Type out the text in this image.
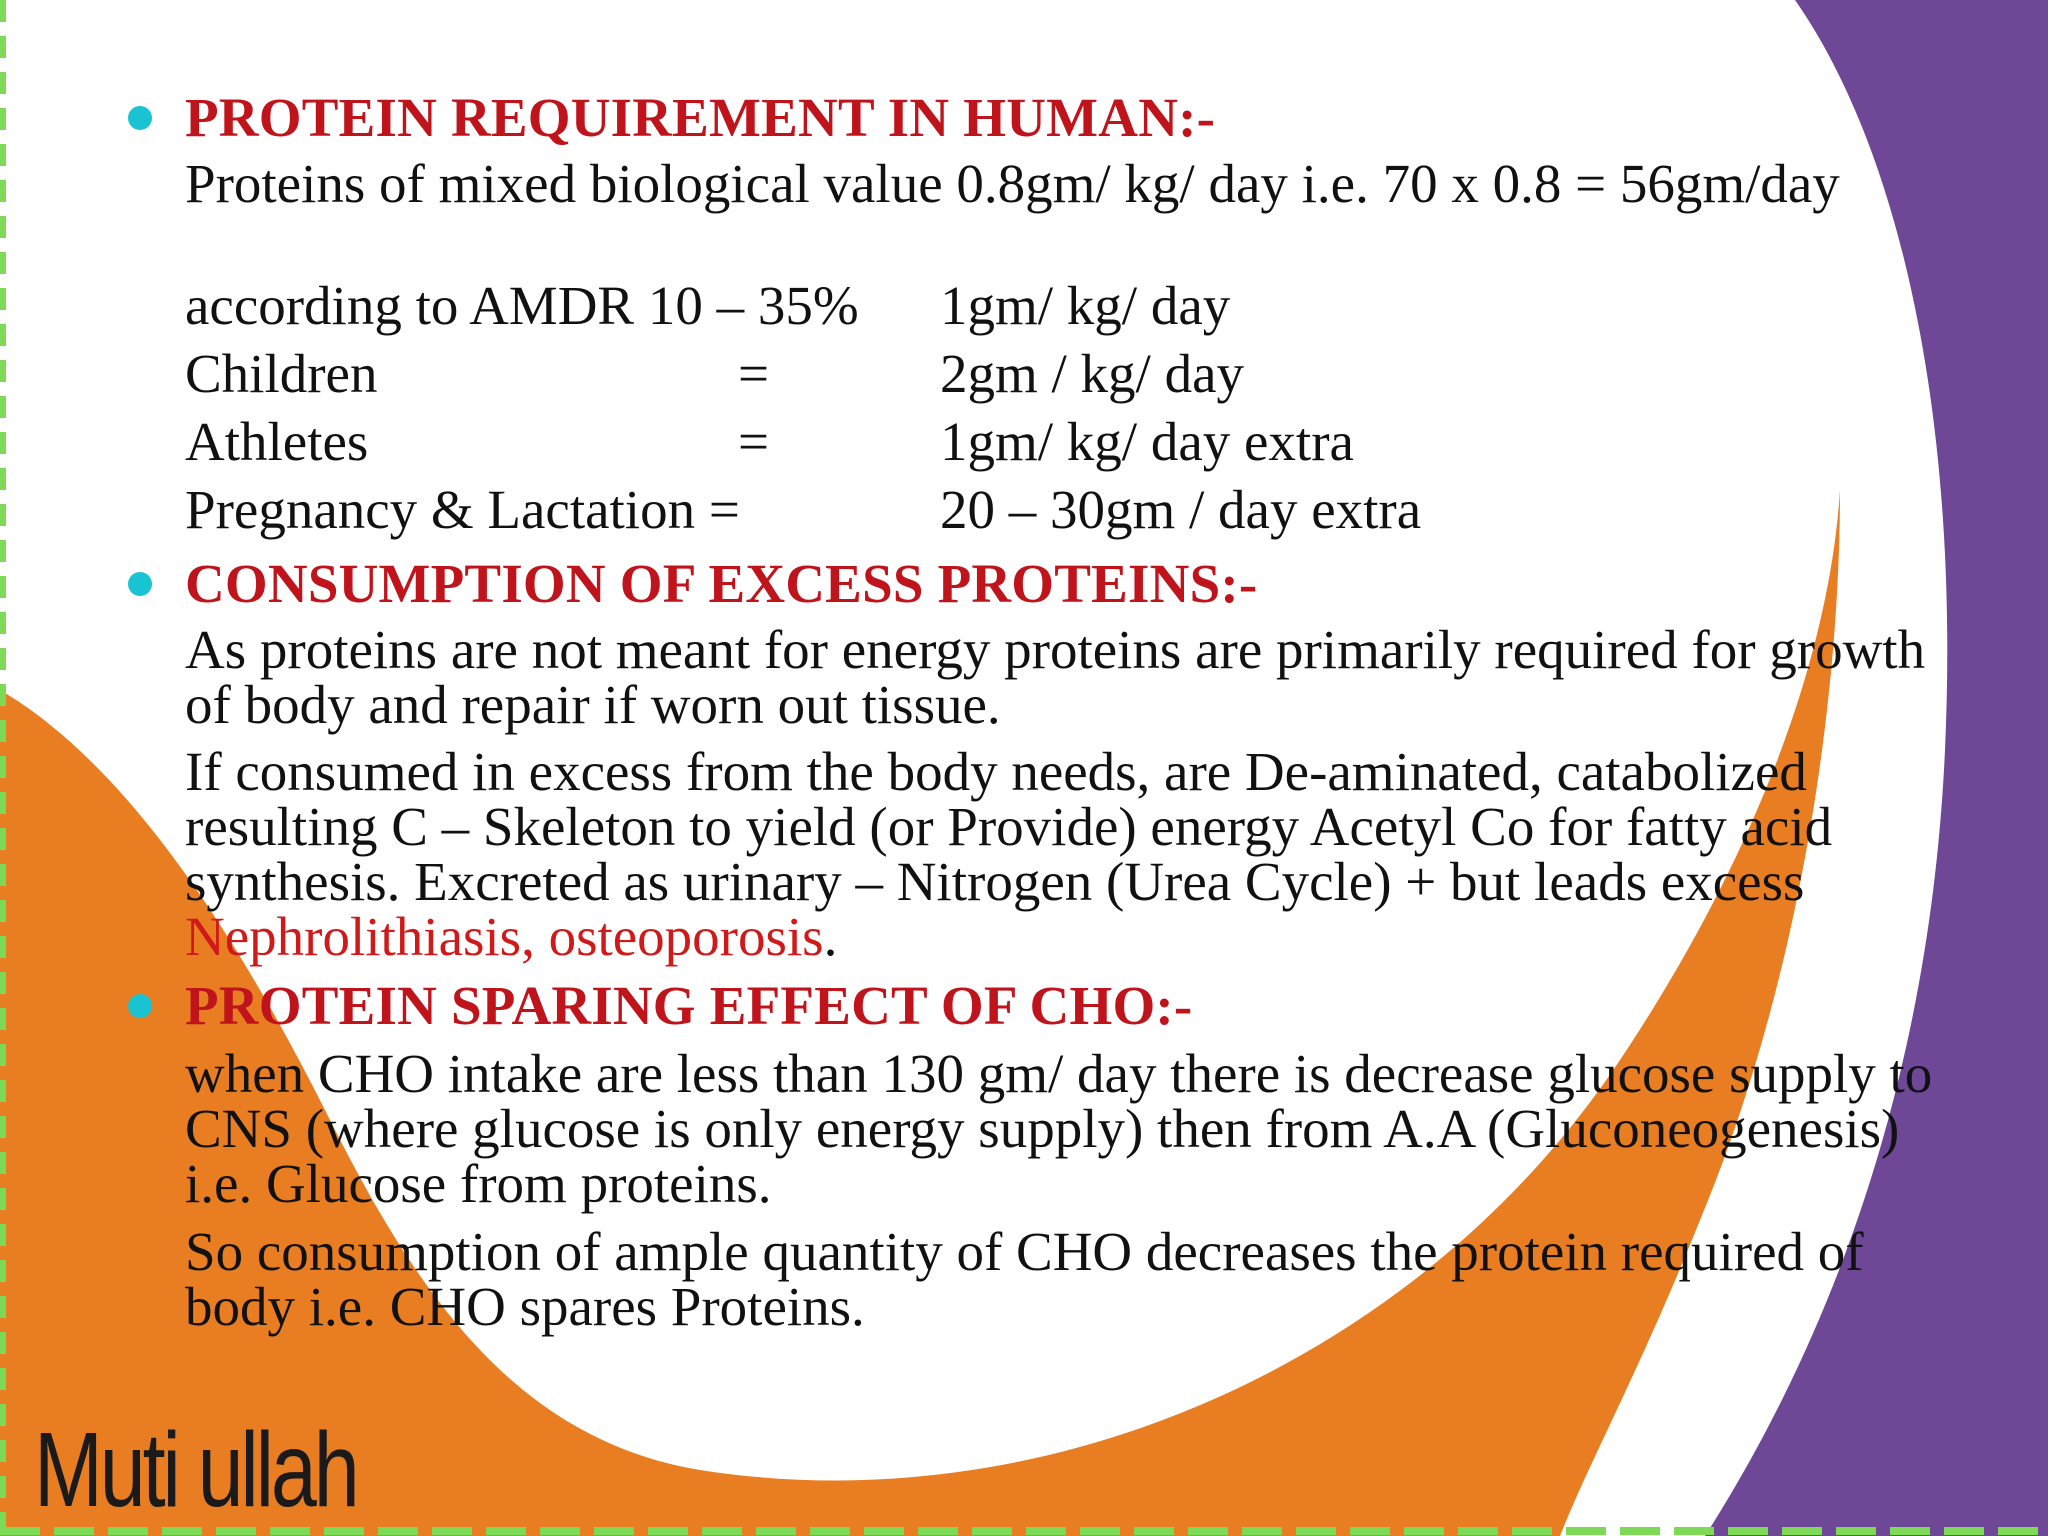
PROTEIN REQUIREMENT IN HUMAN:-
Proteins of mixed biological value 0.8gm/ kg/ day i.e. 70 x 0.8 = 56gm/day
according to AMDR 10 – 35% 1gm/ kg/ day
Children	=	2gm / kg/ day
Athletes	=	1gm/ kg/ day extra
Pregnancy & Lactation =	20 – 30gm / day extra
CONSUMPTION OF EXCESS PROTEINS:-
As proteins are not meant for energy proteins are primarily required for growth of body and repair if worn out tissue.
If consumed in excess from the body needs, are De-aminated, catabolized resulting C – Skeleton to yield (or Provide) energy Acetyl Co for fatty acid synthesis. Excreted as urinary – Nitrogen (Urea Cycle) + but leads excess Nephrolithiasis, osteoporosis.
PROTEIN SPARING EFFECT OF CHO:-
when CHO intake are less than 130 gm/ day there is decrease glucose supply to CNS (where glucose is only energy supply) then from A.A (Gluconeogenesis) i.e. Glucose from proteins.
So consumption of ample quantity of CHO decreases the protein required of body i.e. CHO spares Proteins.
Muti ullah
